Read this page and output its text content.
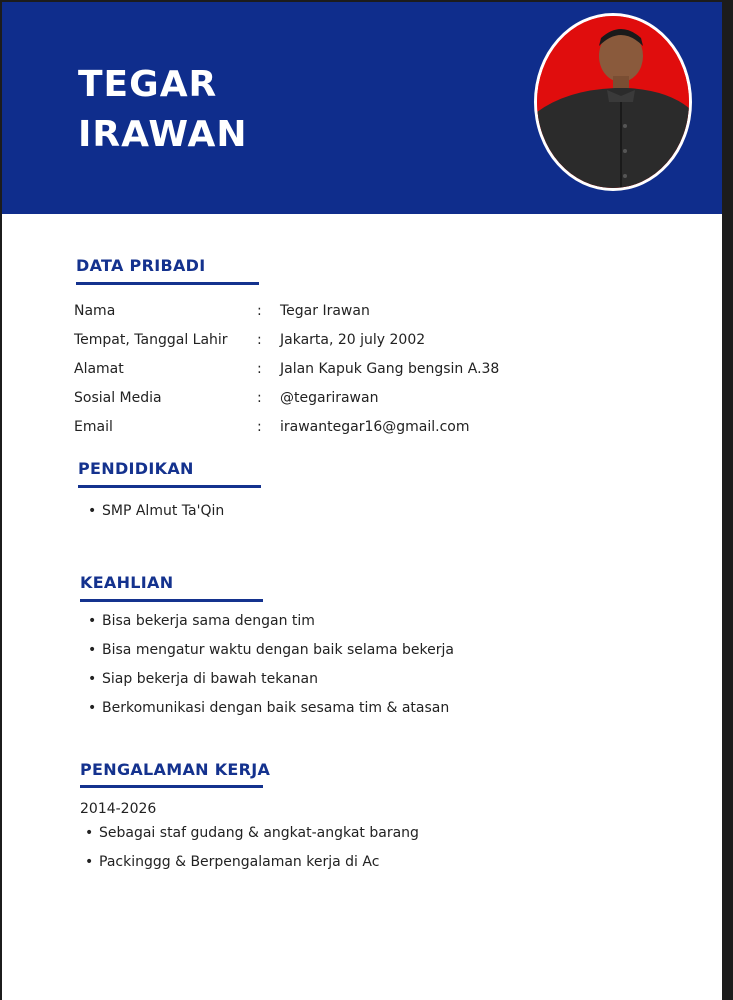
TEGAR
IRAWAN
DATA PRIBADI
Nama	: Tegar Irawan
Tempat, Tanggal Lahir : Jakarta, 20 july 2002
Alamat	: Jalan Kapuk Gang bengsin A.38
Sosial Media	: @tegarirawan
Email	: irawantegar16@gmail.com
PENDIDIKAN
• SMP Almut Ta'Qin
KEAHLIAN
• Bisa bekerja sama dengan tim
• Bisa mengatur waktu dengan baik selama bekerja
• Siap bekerja di bawah tekanan
• Berkomunikasi dengan baik sesama tim & atasan
PENGALAMAN KERJA
2014-2026
• Sebagai staf gudang & angkat-angkat barang
• Packinggg & Berpengalaman kerja di Ac
